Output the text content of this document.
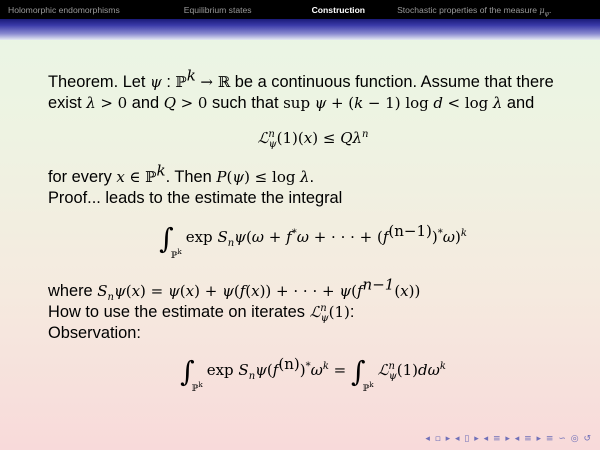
Holomorphic endomorphisms	Equilibrium states	Construction	Stochastic properties of the measure $\mu_\varphi$.
Theorem. Let ψ : ℙ$^k$ → ℝ be a continuous function. Assume that there exist λ > 0 and Q > 0 such that sup ψ + (k − 1) log d < log λ and
ℒ$^n_\psi$(1)(x) ≤ $Q\lambda^n$
for every x ∈ ℙ$^k$. Then P(ψ) ≤ log λ.
Proof... leads to the estimate the integral
$\int_{ℙ^k}\exp$ $S_n\psi(\omega + f^*\omega$ + · · · + $(f^{(n-1)})^*\omega)^k$
where $S_n\psi(x) = \psi(x) + \psi(f(x))$ + · · · + $\psi(f^{n-1}(x))$
How to use the estimate on iterates ℒ$^n_\psi$(1):
Observation:
$\int_{ℙ^k}\exp$ $S_n\psi(f^{(n)})^*\omega^k$ = $\int_{ℙ^k}ℒ^n_\psi(1)d\omega^k$
◂ ▫ ▸ ◂ ▯ ▸ ◂ ≡ ▸ ◂ ≡ ▸ ≡ ∽ ◎ ↺
